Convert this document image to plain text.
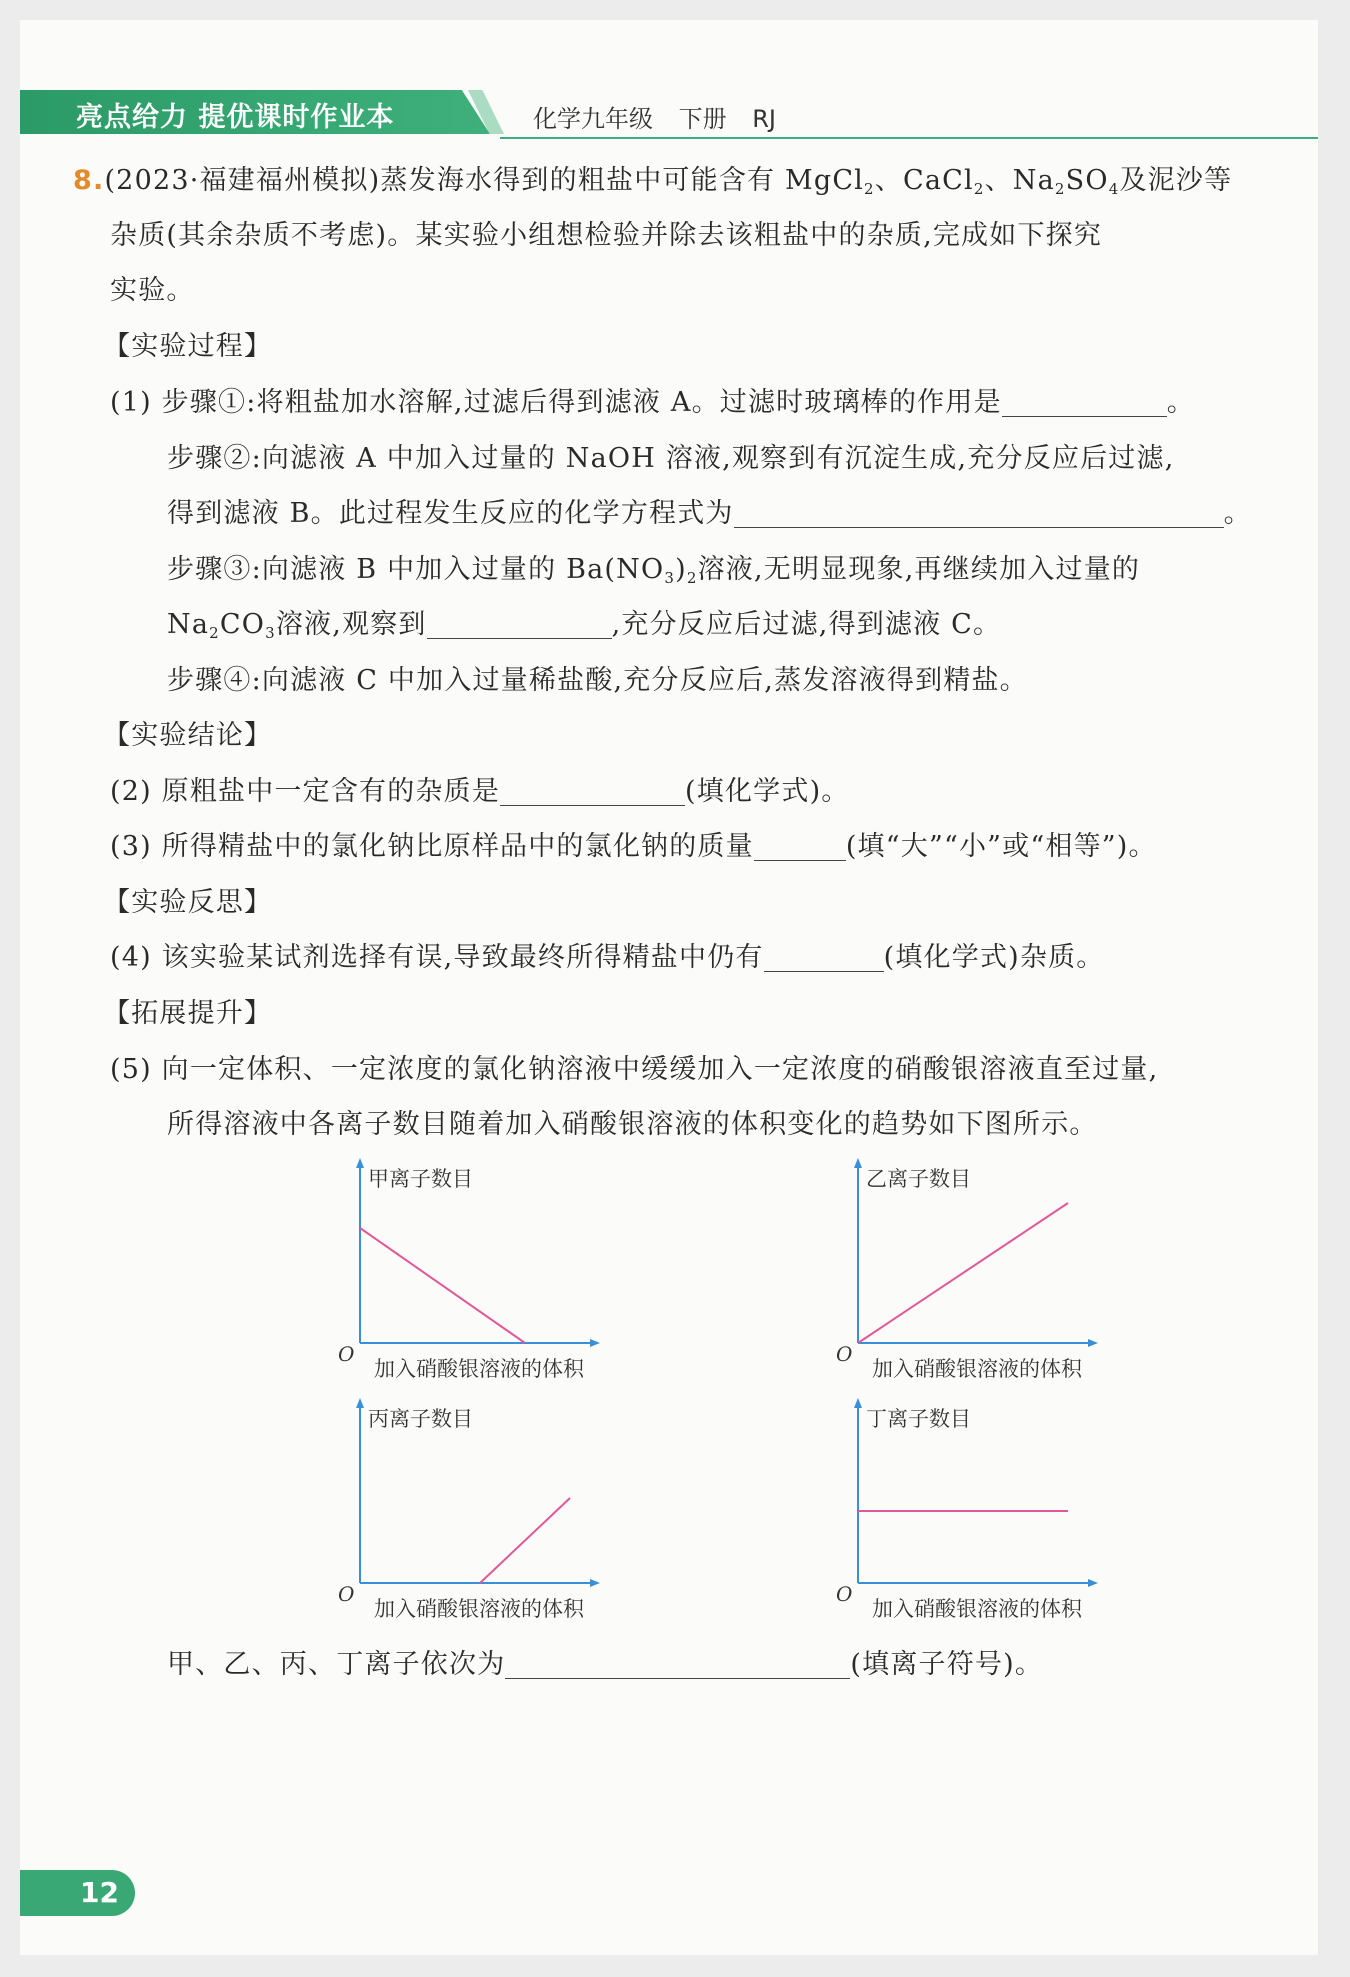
亮点给力 提优课时作业本	化学九年级 下册 RJ
8.(2023·福建福州模拟)蒸发海水得到的粗盐中可能含有 MgCl$_2$、CaCl$_2$、$Na_2SO_4$及泥沙等
杂质(其余杂质不考虑)。某实验小组想检验并除去该粗盐中的杂质,完成如下探究
实验。
【实验过程】
(1) 步骤①:将粗盐加水溶解,过滤后得到滤液 A。过滤时玻璃棒的作用是	。
步骤②:向滤液 A 中加入过量的 NaOH 溶液,观察到有沉淀生成,充分反应后过滤,
得到滤液 B。此过程发生反应的化学方程式为	。
步骤③:向滤液 B 中加入过量的 $Ba(NO_3)_2$溶液,无明显现象,再继续加入过量的
$Na_2CO_3$溶液,观察到	,充分反应后过滤,得到滤液 C。
步骤④:向滤液 C 中加入过量稀盐酸,充分反应后,蒸发溶液得到精盐。
【实验结论】
(2) 原粗盐中一定含有的杂质是	(填化学式)。
(3) 所得精盐中的氯化钠比原样品中的氯化钠的质量	(填“大”“小”或“相等”)。
【实验反思】
(4) 该实验某试剂选择有误,导致最终所得精盐中仍有	(填化学式)杂质。
【拓展提升】
(5) 向一定体积、一定浓度的氯化钠溶液中缓缓加入一定浓度的硝酸银溶液直至过量,
所得溶液中各离子数目随着加入硝酸银溶液的体积变化的趋势如下图所示。
甲离子数目
加入硝酸银溶液的体积
O
乙离子数目
加入硝酸银溶液的体积
O
丙离子数目
加入硝酸银溶液的体积
O
丁离子数目
加入硝酸银溶液的体积
O
甲、乙、丙、丁离子依次为	(填离子符号)。
12
